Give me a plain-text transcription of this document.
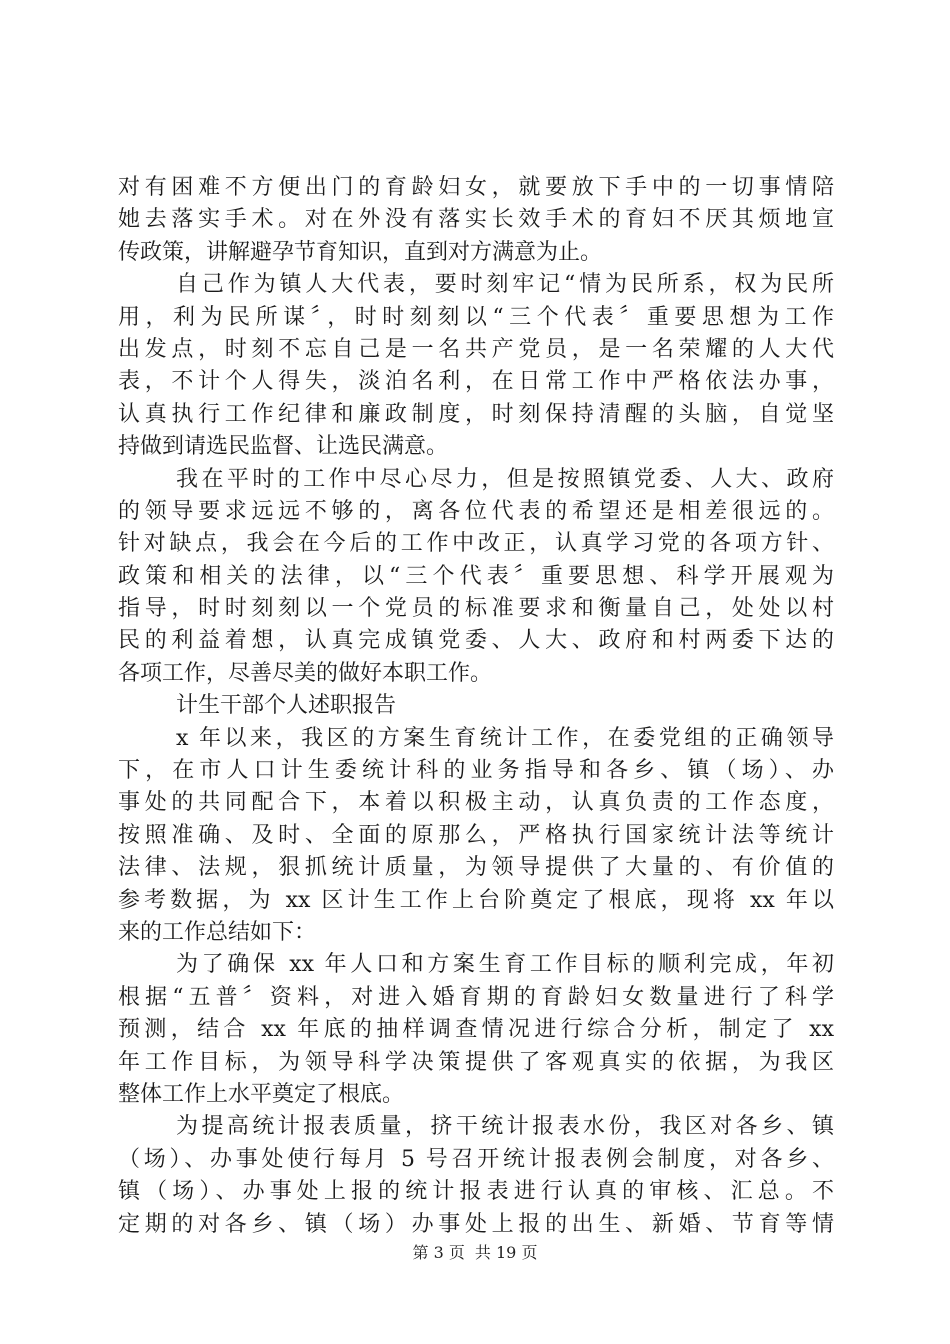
对有困难不方便出门的育龄妇女，就要放下手中的一切事情陪
她去落实手术。对在外没有落实长效手术的育妇不厌其烦地宣
传政策，讲解避孕节育知识，直到对方满意为止。
自己作为镇人大代表，要时刻牢记“情为民所系，权为民所
用，利为民所谋〞，时时刻刻以“三个代表〞重要思想为工作
出发点，时刻不忘自己是一名共产党员，是一名荣耀的人大代
表，不计个人得失，淡泊名利，在日常工作中严格依法办事，
认真执行工作纪律和廉政制度，时刻保持清醒的头脑，自觉坚
持做到请选民监督、让选民满意。
我在平时的工作中尽心尽力，但是按照镇党委、人大、政府
的领导要求远远不够的，离各位代表的希望还是相差很远的。
针对缺点，我会在今后的工作中改正，认真学习党的各项方针、
政策和相关的法律，以“三个代表〞重要思想、科学开展观为
指导，时时刻刻以一个党员的标准要求和衡量自己，处处以村
民的利益着想，认真完成镇党委、人大、政府和村两委下达的
各项工作，尽善尽美的做好本职工作。
计生干部个人述职报告
x 年以来，我区的方案生育统计工作，在委党组的正确领导
下，在市人口计生委统计科的业务指导和各乡、镇（场）、办
事处的共同配合下，本着以积极主动，认真负责的工作态度，
按照准确、及时、全面的原那么，严格执行国家统计法等统计
法律、法规，狠抓统计质量，为领导提供了大量的、有价值的
参考数据，为 xx 区计生工作上台阶奠定了根底，现将 xx 年以
来的工作总结如下：
为了确保 xx 年人口和方案生育工作目标的顺利完成，年初
根据“五普〞资料，对进入婚育期的育龄妇女数量进行了科学
预测，结合 xx 年底的抽样调查情况进行综合分析，制定了 xx
年工作目标，为领导科学决策提供了客观真实的依据，为我区
整体工作上水平奠定了根底。
为提高统计报表质量，挤干统计报表水份，我区对各乡、镇
（场）、办事处使行每月 5 号召开统计报表例会制度，对各乡、
镇（场）、办事处上报的统计报表进行认真的审核、汇总。不
定期的对各乡、镇（场）办事处上报的出生、新婚、节育等情
第 3 页 共 19 页
